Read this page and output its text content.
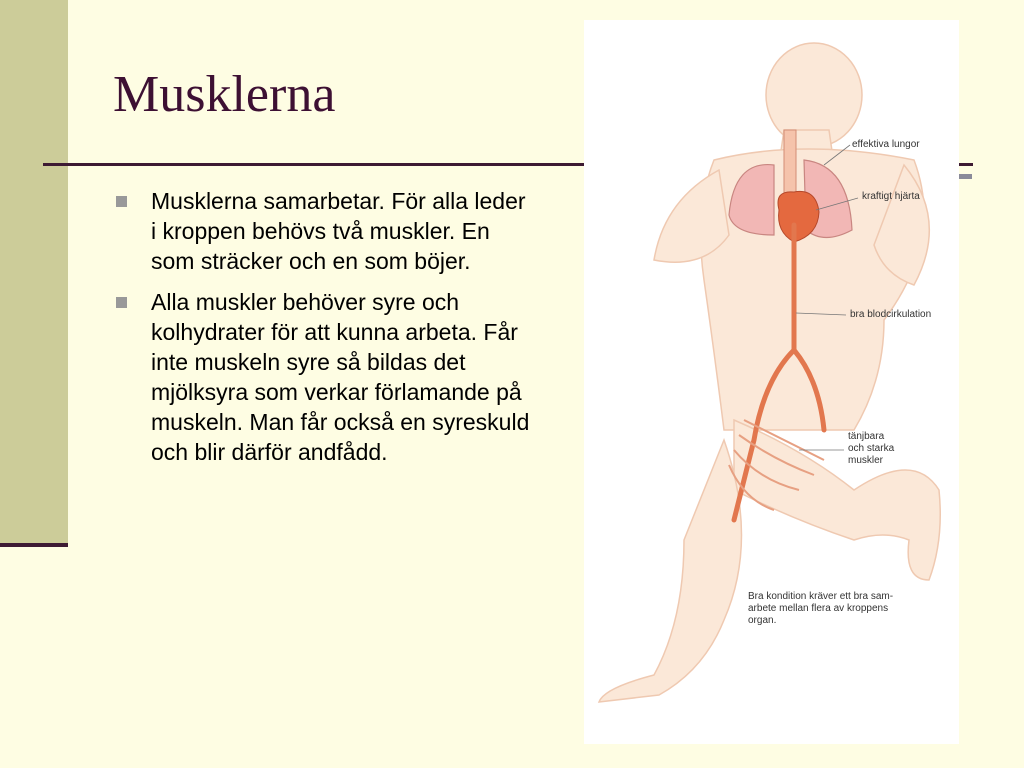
Musklerna
Musklerna samarbetar. För alla leder i kroppen behövs två muskler. En som sträcker och en som böjer.
Alla muskler behöver syre och kolhydrater för att kunna arbeta. Får inte muskeln syre så bildas det mjölksyra som verkar förlamande på muskeln. Man får också en syreskuld och blir därför andfådd.
effektiva lungor
kraftigt hjärta
bra blodcirkulation
tänjbara
och starka
muskler
Bra kondition kräver ett bra sam-
arbete mellan flera av kroppens
organ.
